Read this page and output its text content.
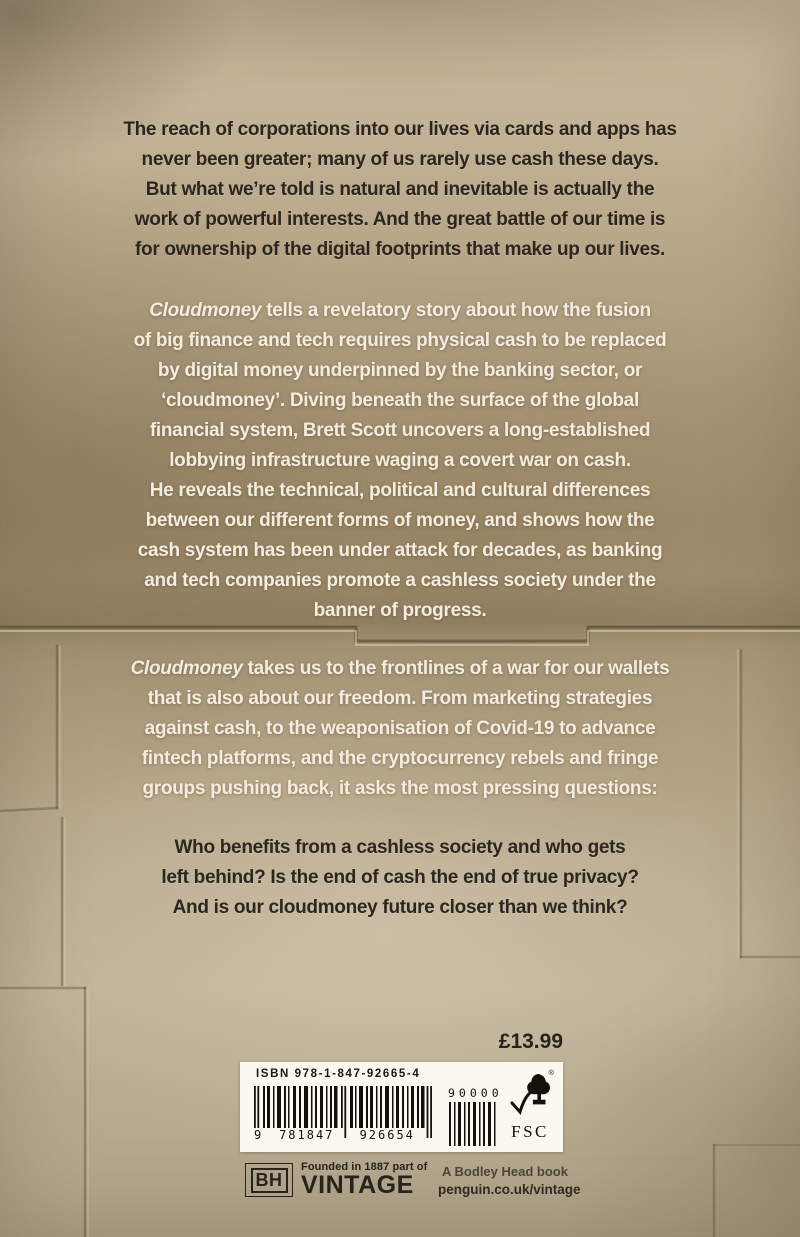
The reach of corporations into our lives via cards and apps has
never been greater; many of us rarely use cash these days.
But what we’re told is natural and inevitable is actually the
work of powerful interests. And the great battle of our time is
for ownership of the digital footprints that make up our lives.
Cloudmoney tells a revelatory story about how the fusion
of big finance and tech requires physical cash to be replaced
by digital money underpinned by the banking sector, or
‘cloudmoney’. Diving beneath the surface of the global
financial system, Brett Scott uncovers a long-established
lobbying infrastructure waging a covert war on cash.
He reveals the technical, political and cultural differences
between our different forms of money, and shows how the
cash system has been under attack for decades, as banking
and tech companies promote a cashless society under the
banner of progress.
Cloudmoney takes us to the frontlines of a war for our wallets
that is also about our freedom. From marketing strategies
against cash, to the weaponisation of Covid-19 to advance
fintech platforms, and the cryptocurrency rebels and fringe
groups pushing back, it asks the most pressing questions:
Who benefits from a cashless society and who gets
left behind? Is the end of cash the end of true privacy?
And is our cloudmoney future closer than we think?
£13.99
ISBN 978-1-847-92665-4
9	781847	926654
90000
®
FSC
BH
Founded in 1887 part of
VINTAGE	A Bodley Head book
penguin.co.uk/vintage
